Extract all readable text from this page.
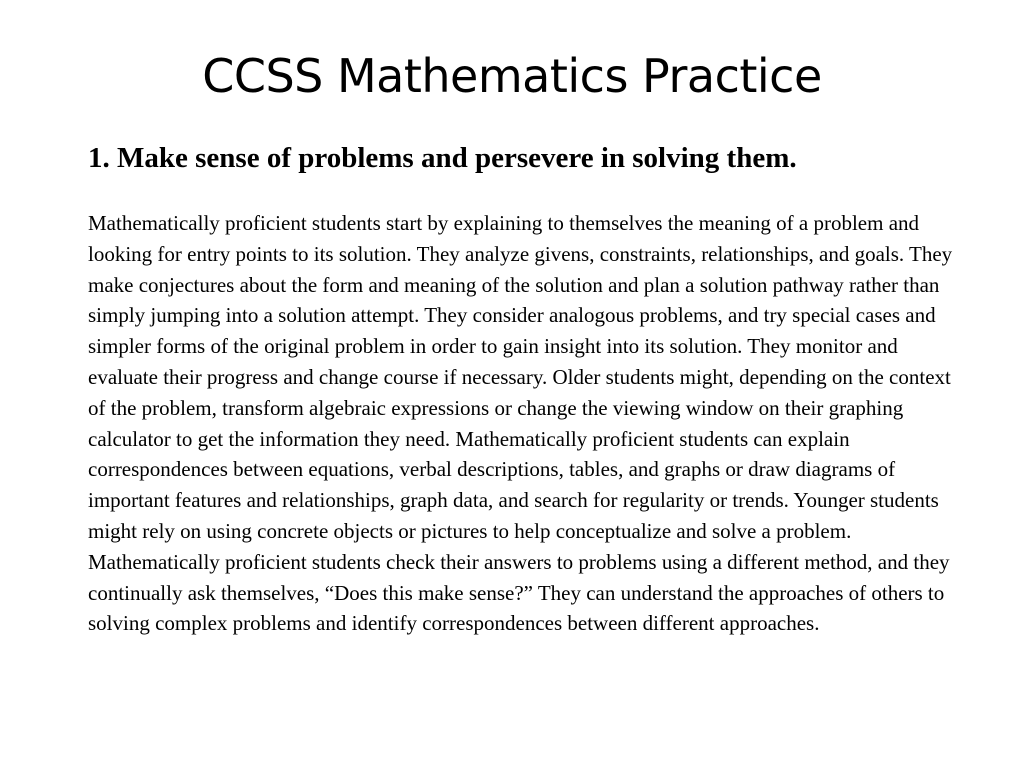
CCSS Mathematics Practice
1. Make sense of problems and persevere in solving them.

Mathematically proficient students start by explaining to themselves the meaning of a problem and looking for entry points to its solution. They analyze givens, constraints, relationships, and goals. They make conjectures about the form and meaning of the solution and plan a solution pathway rather than simply jumping into a solution attempt. They consider analogous problems, and try special cases and simpler forms of the original problem in order to gain insight into its solution. They monitor and evaluate their progress and change course if necessary. Older students might, depending on the context of the problem, transform algebraic expressions or change the viewing window on their graphing calculator to get the information they need. Mathematically proficient students can explain correspondences between equations, verbal descriptions, tables, and graphs or draw diagrams of important features and relationships, graph data, and search for regularity or trends. Younger students might rely on using concrete objects or pictures to help conceptualize and solve a problem. Mathematically proficient students check their answers to problems using a different method, and they continually ask themselves, “Does this make sense?” They can understand the approaches of others to solving complex problems and identify correspondences between different approaches.
